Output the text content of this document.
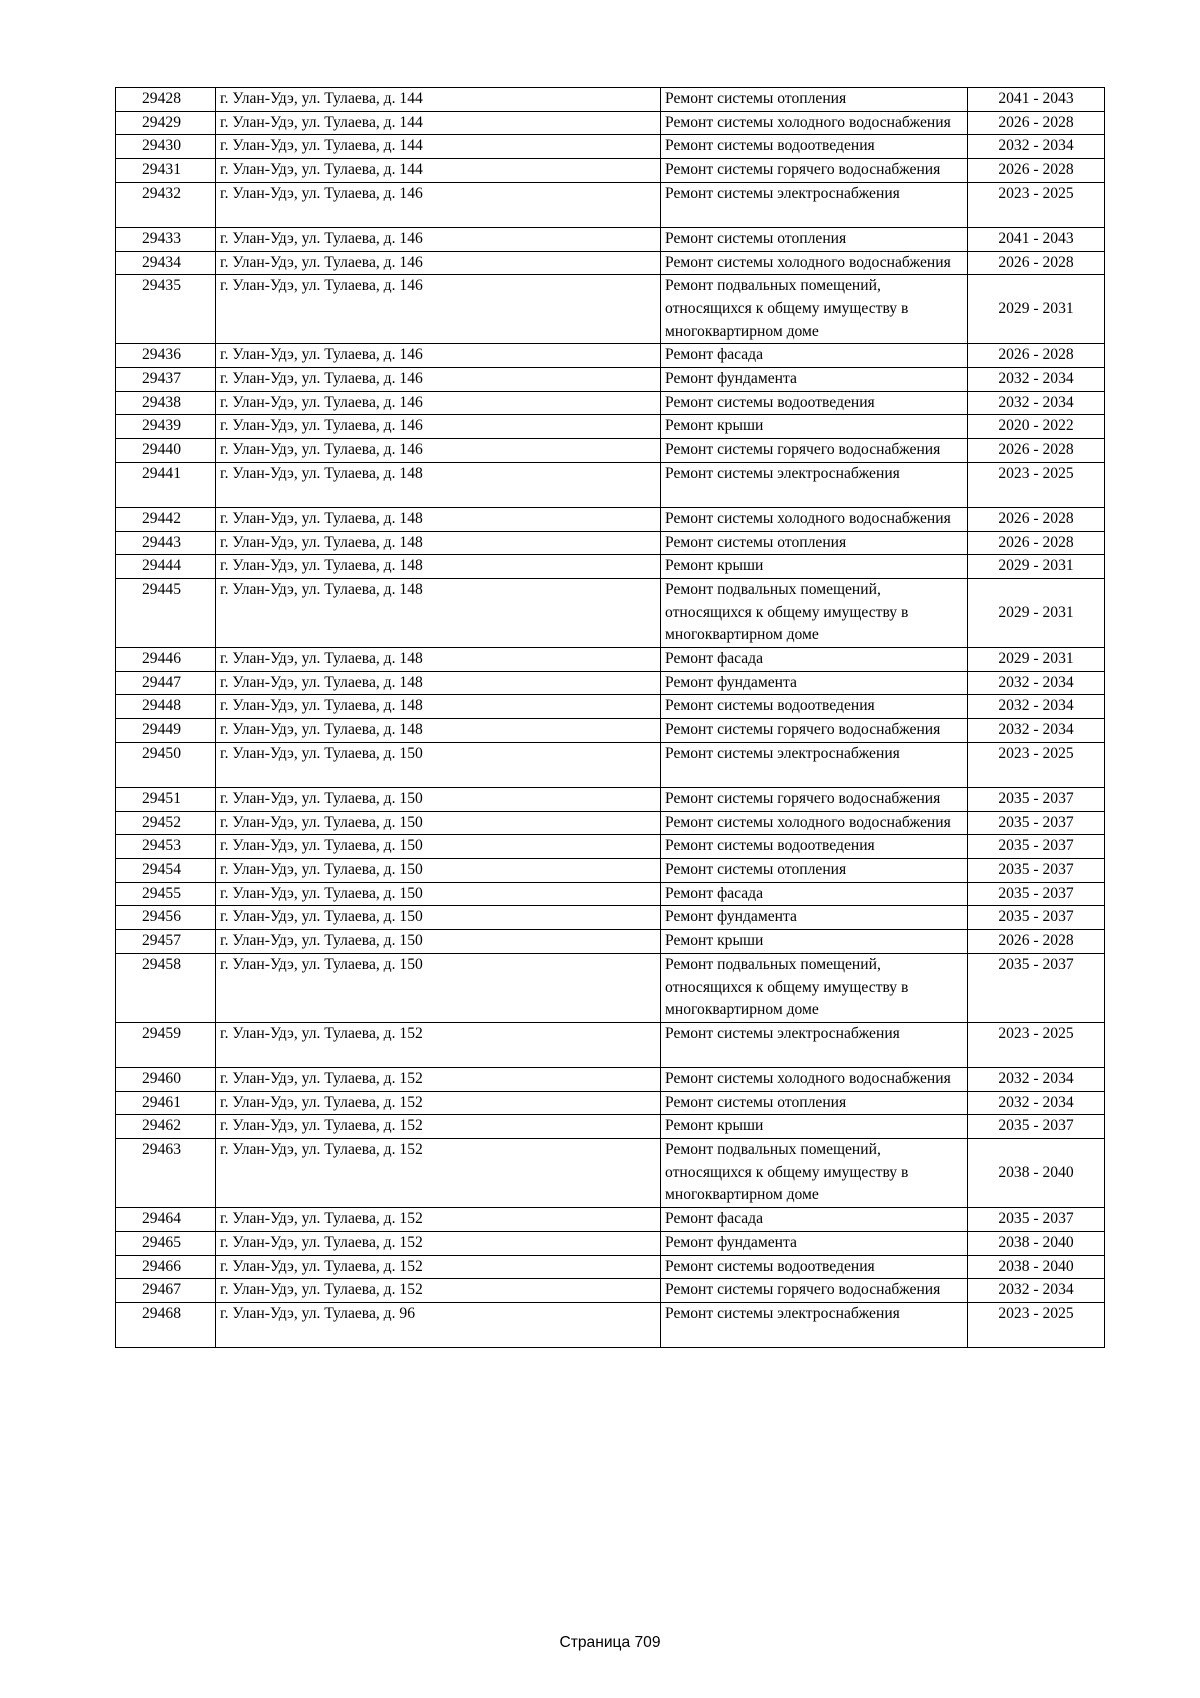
29428	г. Улан-Удэ, ул. Тулаева, д. 144	Ремонт системы отопления	2041 - 2043
29429	г. Улан-Удэ, ул. Тулаева, д. 144	Ремонт системы холодного водоснабжения	2026 - 2028
29430	г. Улан-Удэ, ул. Тулаева, д. 144	Ремонт системы водоотведения	2032 - 2034
29431	г. Улан-Удэ, ул. Тулаева, д. 144	Ремонт системы горячего водоснабжения	2026 - 2028
29432	г. Улан-Удэ, ул. Тулаева, д. 146	Ремонт системы электроснабжения	2023 - 2025
29433	г. Улан-Удэ, ул. Тулаева, д. 146	Ремонт системы отопления	2041 - 2043
29434	г. Улан-Удэ, ул. Тулаева, д. 146	Ремонт системы холодного водоснабжения	2026 - 2028
29435	г. Улан-Удэ, ул. Тулаева, д. 146	Ремонт подвальных помещений, относящихся к общему имуществу в многоквартирном доме	2029 - 2031
29436	г. Улан-Удэ, ул. Тулаева, д. 146	Ремонт фасада	2026 - 2028
29437	г. Улан-Удэ, ул. Тулаева, д. 146	Ремонт фундамента	2032 - 2034
29438	г. Улан-Удэ, ул. Тулаева, д. 146	Ремонт системы водоотведения	2032 - 2034
29439	г. Улан-Удэ, ул. Тулаева, д. 146	Ремонт крыши	2020 - 2022
29440	г. Улан-Удэ, ул. Тулаева, д. 146	Ремонт системы горячего водоснабжения	2026 - 2028
29441	г. Улан-Удэ, ул. Тулаева, д. 148	Ремонт системы электроснабжения	2023 - 2025
29442	г. Улан-Удэ, ул. Тулаева, д. 148	Ремонт системы холодного водоснабжения	2026 - 2028
29443	г. Улан-Удэ, ул. Тулаева, д. 148	Ремонт системы отопления	2026 - 2028
29444	г. Улан-Удэ, ул. Тулаева, д. 148	Ремонт крыши	2029 - 2031
29445	г. Улан-Удэ, ул. Тулаева, д. 148	Ремонт подвальных помещений, относящихся к общему имуществу в многоквартирном доме	2029 - 2031
29446	г. Улан-Удэ, ул. Тулаева, д. 148	Ремонт фасада	2029 - 2031
29447	г. Улан-Удэ, ул. Тулаева, д. 148	Ремонт фундамента	2032 - 2034
29448	г. Улан-Удэ, ул. Тулаева, д. 148	Ремонт системы водоотведения	2032 - 2034
29449	г. Улан-Удэ, ул. Тулаева, д. 148	Ремонт системы горячего водоснабжения	2032 - 2034
29450	г. Улан-Удэ, ул. Тулаева, д. 150	Ремонт системы электроснабжения	2023 - 2025
29451	г. Улан-Удэ, ул. Тулаева, д. 150	Ремонт системы горячего водоснабжения	2035 - 2037
29452	г. Улан-Удэ, ул. Тулаева, д. 150	Ремонт системы холодного водоснабжения	2035 - 2037
29453	г. Улан-Удэ, ул. Тулаева, д. 150	Ремонт системы водоотведения	2035 - 2037
29454	г. Улан-Удэ, ул. Тулаева, д. 150	Ремонт системы отопления	2035 - 2037
29455	г. Улан-Удэ, ул. Тулаева, д. 150	Ремонт фасада	2035 - 2037
29456	г. Улан-Удэ, ул. Тулаева, д. 150	Ремонт фундамента	2035 - 2037
29457	г. Улан-Удэ, ул. Тулаева, д. 150	Ремонт крыши	2026 - 2028
29458	г. Улан-Удэ, ул. Тулаева, д. 150	Ремонт подвальных помещений, относящихся к общему имуществу в многоквартирном доме	2035 - 2037
29459	г. Улан-Удэ, ул. Тулаева, д. 152	Ремонт системы электроснабжения	2023 - 2025
29460	г. Улан-Удэ, ул. Тулаева, д. 152	Ремонт системы холодного водоснабжения	2032 - 2034
29461	г. Улан-Удэ, ул. Тулаева, д. 152	Ремонт системы отопления	2032 - 2034
29462	г. Улан-Удэ, ул. Тулаева, д. 152	Ремонт крыши	2035 - 2037
29463	г. Улан-Удэ, ул. Тулаева, д. 152	Ремонт подвальных помещений, относящихся к общему имуществу в многоквартирном доме	2038 - 2040
29464	г. Улан-Удэ, ул. Тулаева, д. 152	Ремонт фасада	2035 - 2037
29465	г. Улан-Удэ, ул. Тулаева, д. 152	Ремонт фундамента	2038 - 2040
29466	г. Улан-Удэ, ул. Тулаева, д. 152	Ремонт системы водоотведения	2038 - 2040
29467	г. Улан-Удэ, ул. Тулаева, д. 152	Ремонт системы горячего водоснабжения	2032 - 2034
29468	г. Улан-Удэ, ул. Тулаева, д. 96	Ремонт системы электроснабжения	2023 - 2025
Страница 709
